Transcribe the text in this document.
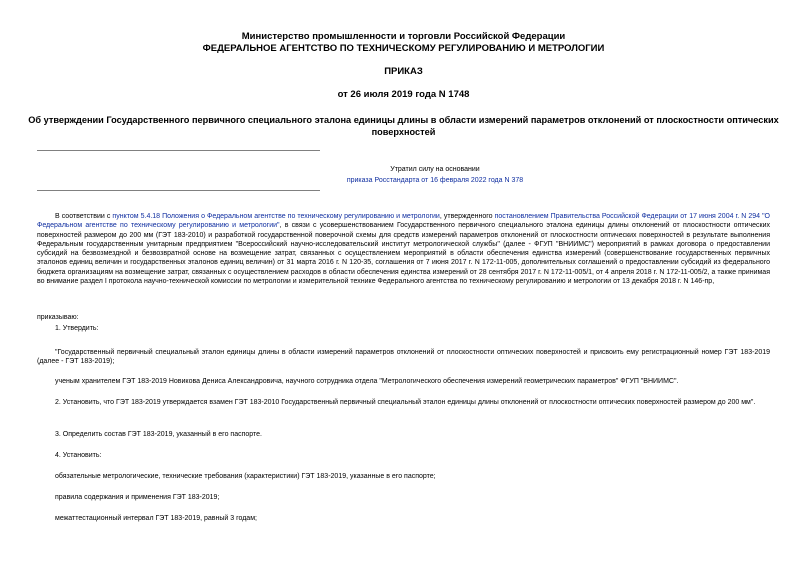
Министерство промышленности и торговли Российской Федерации
ФЕДЕРАЛЬНОЕ АГЕНТСТВО ПО ТЕХНИЧЕСКОМУ РЕГУЛИРОВАНИЮ И МЕТРОЛОГИИ
ПРИКАЗ
от 26 июля 2019 года N 1748
Об утверждении Государственного первичного специального эталона единицы длины в области измерений параметров отклонений от плоскостности оптических
поверхностей
Утратил силу на основании
приказа Росстандарта от 16 февраля 2022 года N 378
В соответствии с пунктом 5.4.18 Положения о Федеральном агентстве по техническому регулированию и метрологии, утвержденного постановлением Правительства Российской Федерации от 17 июня 2004 г. N 294 "О Федеральном агентстве по техническому регулированию и метрологии", в связи с усовершенствованием Государственного первичного специального эталона единицы длины отклонений от плоскостности оптических поверхностей размером до 200 мм (ГЭТ 183-2010) и разработкой государственной поверочной схемы для средств измерений параметров отклонений от плоскостности оптических поверхностей в результате выполнения Федеральным государственным унитарным предприятием "Всероссийский научно-исследовательский институт метрологической службы" (далее - ФГУП "ВНИИМС") мероприятий в рамках договора о предоставлении субсидий на безвозмездной и безвозвратной основе на возмещение затрат, связанных с осуществлением мероприятий в области обеспечения единства измерений (совершенствование государственных первичных эталонов единиц величин и государственных эталонов единиц величин) от 31 марта 2016 г. N 120-35, соглашения от 7 июня 2017 г. N 172-11-005, дополнительных соглашений о предоставлении субсидий из федерального бюджета организациям на возмещение затрат, связанных с осуществлением расходов в области обеспечения единства измерений от 28 сентября 2017 г. N 172-11-005/1, от 4 апреля 2018 г. N 172-11-005/2, а также принимая во внимание раздел I протокола научно-технической комиссии по метрологии и измерительной технике Федерального агентства по техническому регулированию и метрологии от 13 декабря 2018 г. N 146-пр,
приказываю:
1. Утвердить:
"Государственный первичный специальный эталон единицы длины в области измерений параметров отклонений от плоскостности оптических поверхностей и присвоить ему регистрационный номер ГЭТ 183-2019 (далее - ГЭТ 183-2019);
ученым хранителем ГЭТ 183-2019 Новикова Дениса Александровича, научного сотрудника отдела "Метрологического обеспечения измерений геометрических параметров" ФГУП "ВНИИМС".
2. Установить, что ГЭТ 183-2019 утверждается взамен ГЭТ 183-2010 Государственный первичный специальный эталон единицы длины отклонений от плоскостности оптических поверхностей размером до 200 мм".
3. Определить состав ГЭТ 183-2019, указанный в его паспорте.
4. Установить:
обязательные метрологические, технические требования (характеристики) ГЭТ 183-2019, указанные в его паспорте;
правила содержания и применения ГЭТ 183-2019;
межаттестационный интервал ГЭТ 183-2019, равный 3 годам;
